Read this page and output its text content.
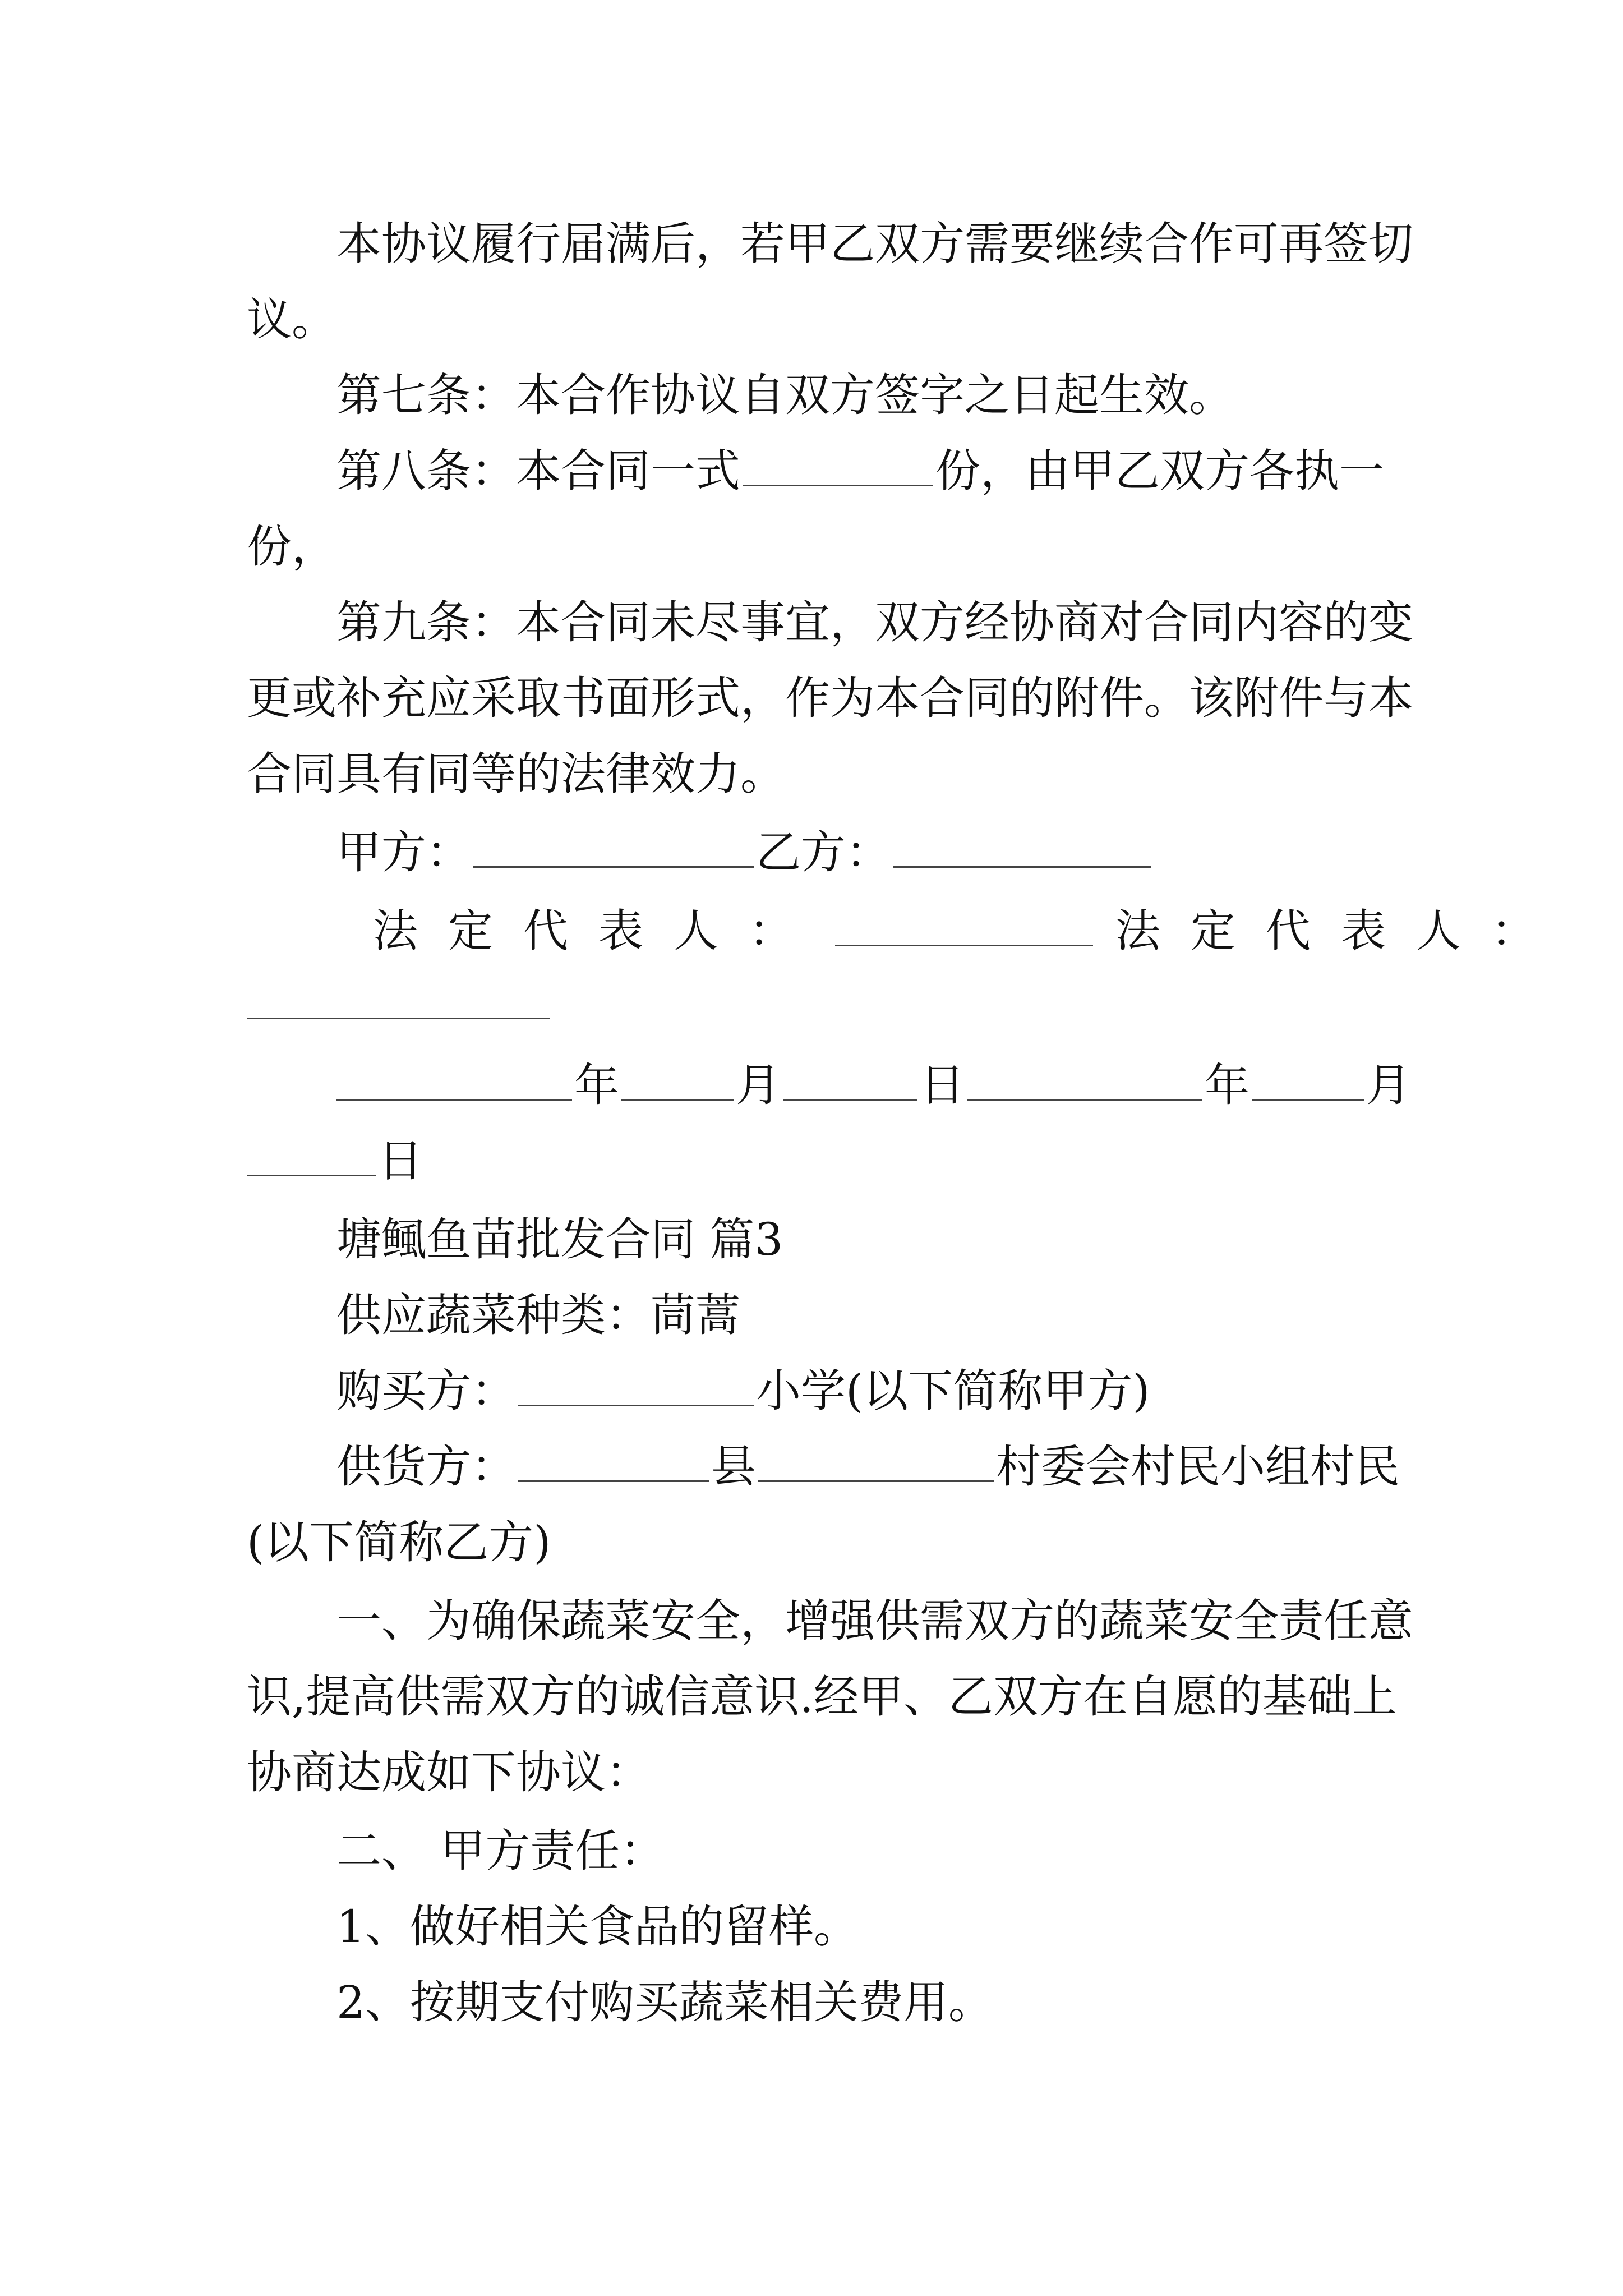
本协议履行届满后，若甲乙双方需要继续合作可再签切
议。
第七条：本合作协议自双方签字之日起生效。
第八条：本合同一式	份，由甲乙双方各执一
份，
第九条：本合同未尽事宜，双方经协商对合同内容的变
更或补充应采取书面形式，作为本合同的附件。该附件与本
合同具有同等的法律效力。
甲方：	乙方：
法定代表人：	法定代表人：
年	月	日	年	月
日
塘鲺鱼苗批发合同 篇3
供应蔬菜种类：茼蒿
购买方：	小学(以下简称甲方)
供货方：	县	村委会村民小组村民
(以下简称乙方)
一、为确保蔬菜安全，增强供需双方的蔬菜安全责任意
识,提高供需双方的诚信意识.经甲、乙双方在自愿的基础上
协商达成如下协议：
二、 甲方责任：
1、做好相关食品的留样。
2、按期支付购买蔬菜相关费用。
